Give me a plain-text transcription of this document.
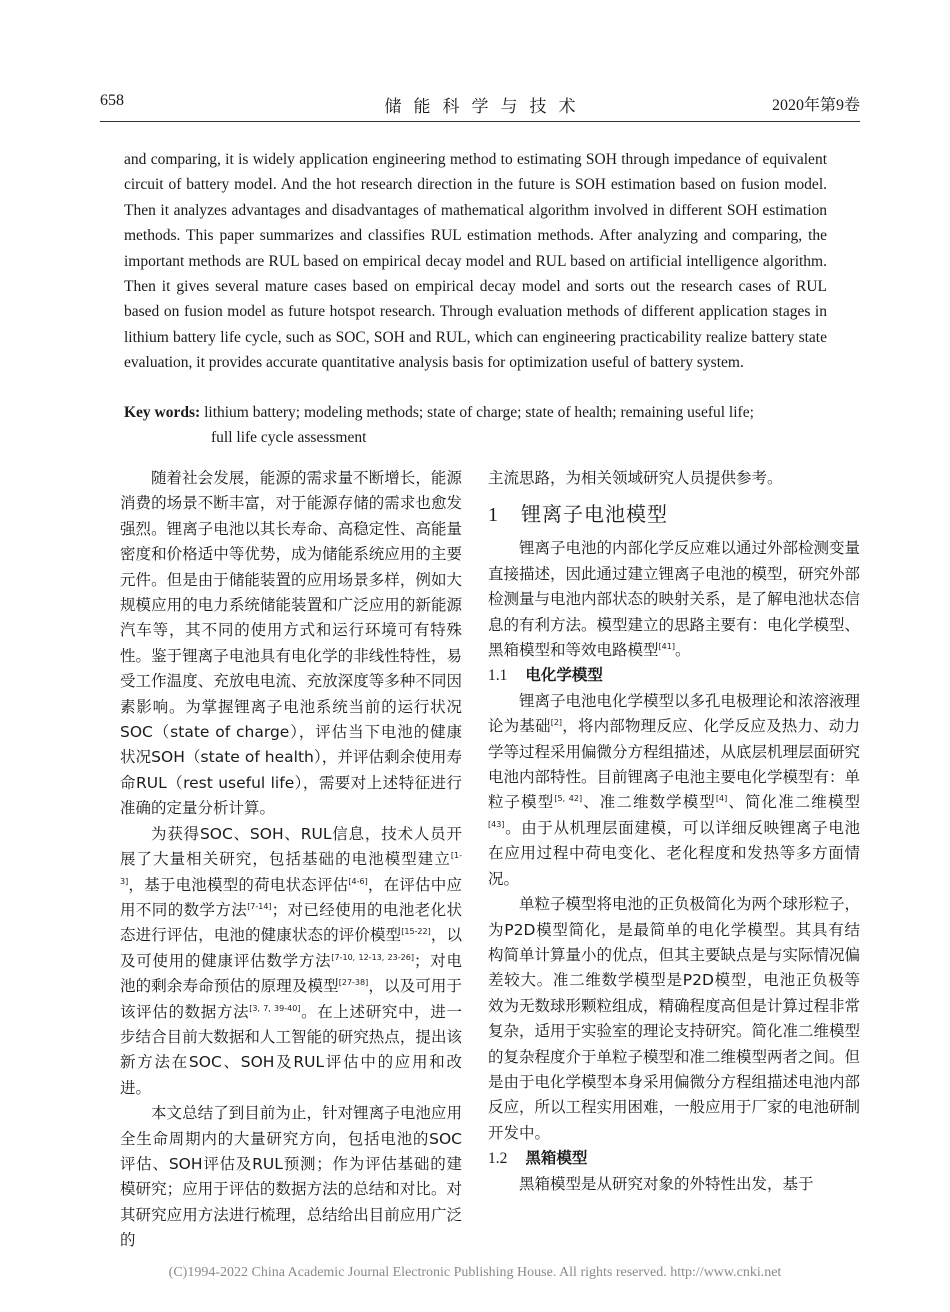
658	储能科学与技术	2020年第9卷

and comparing, it is widely application engineering method to estimating SOH through impedance of equivalent circuit of battery model. And the hot research direction in the future is SOH estimation based on fusion model. Then it analyzes advantages and disadvantages of mathematical algorithm involved in different SOH estimation methods. This paper summarizes and classifies RUL estimation methods. After analyzing and comparing, the important methods are RUL based on empirical decay model and RUL based on artificial intelligence algorithm. Then it gives several mature cases based on empirical decay model and sorts out the research cases of RUL based on fusion model as future hotspot research. Through evaluation methods of different application stages in lithium battery life cycle, such as SOC, SOH and RUL, which can engineering practicability realize battery state evaluation, it provides accurate quantitative analysis basis for optimization useful of battery system.

Key words: lithium battery; modeling methods; state of charge; state of health; remaining useful life;
full life cycle assessment

随着社会发展，能源的需求量不断增长，能源消费的场景不断丰富，对于能源存储的需求也愈发强烈。锂离子电池以其长寿命、高稳定性、高能量密度和价格适中等优势，成为储能系统应用的主要元件。但是由于储能装置的应用场景多样，例如大规模应用的电力系统储能装置和广泛应用的新能源汽车等，其不同的使用方式和运行环境可有特殊性。鉴于锂离子电池具有电化学的非线性特性，易受工作温度、充放电电流、充放深度等多种不同因素影响。为掌握锂离子电池系统当前的运行状况SOC（state of charge），评估当下电池的健康状况SOH（state of health），并评估剩余使用寿命RUL（rest useful life），需要对上述特征进行准确的定量分析计算。

为获得SOC、SOH、RUL信息，技术人员开展了大量相关研究，包括基础的电池模型建立[1-3]，基于电池模型的荷电状态评估[4-6]，在评估中应用不同的数学方法[7-14]；对已经使用的电池老化状态进行评估，电池的健康状态的评价模型[15-22]，以及可使用的健康评估数学方法[7-10, 12-13, 23-26]；对电池的剩余寿命预估的原理及模型[27-38]，以及可用于该评估的数据方法[3, 7, 39-40]。在上述研究中，进一步结合目前大数据和人工智能的研究热点，提出该新方法在SOC、SOH及RUL评估中的应用和改进。

本文总结了到目前为止，针对锂离子电池应用全生命周期内的大量研究方向，包括电池的SOC评估、SOH评估及RUL预测；作为评估基础的建模研究；应用于评估的数据方法的总结和对比。对其研究应用方法进行梳理，总结给出目前应用广泛的

主流思路，为相关领域研究人员提供参考。

1 锂离子电池模型

锂离子电池的内部化学反应难以通过外部检测变量直接描述，因此通过建立锂离子电池的模型，研究外部检测量与电池内部状态的映射关系，是了解电池状态信息的有利方法。模型建立的思路主要有：电化学模型、黑箱模型和等效电路模型[41]。

1.1 电化学模型

锂离子电池电化学模型以多孔电极理论和浓溶液理论为基础[2]，将内部物理反应、化学反应及热力、动力学等过程采用偏微分方程组描述，从底层机理层面研究电池内部特性。目前锂离子电池主要电化学模型有：单粒子模型[5, 42]、准二维数学模型[4]、简化准二维模型[43]。由于从机理层面建模，可以详细反映锂离子电池在应用过程中荷电变化、老化程度和发热等多方面情况。

单粒子模型将电池的正负极简化为两个球形粒子，为P2D模型简化，是最简单的电化学模型。其具有结构简单计算量小的优点，但其主要缺点是与实际情况偏差较大。准二维数学模型是P2D模型，电池正负极等效为无数球形颗粒组成，精确程度高但是计算过程非常复杂，适用于实验室的理论支持研究。简化准二维模型的复杂程度介于单粒子模型和准二维模型两者之间。但是由于电化学模型本身采用偏微分方程组描述电池内部反应，所以工程实用困难，一般应用于厂家的电池研制开发中。

1.2 黑箱模型

黑箱模型是从研究对象的外特性出发，基于

(C)1994-2022 China Academic Journal Electronic Publishing House. All rights reserved. http://www.cnki.net
